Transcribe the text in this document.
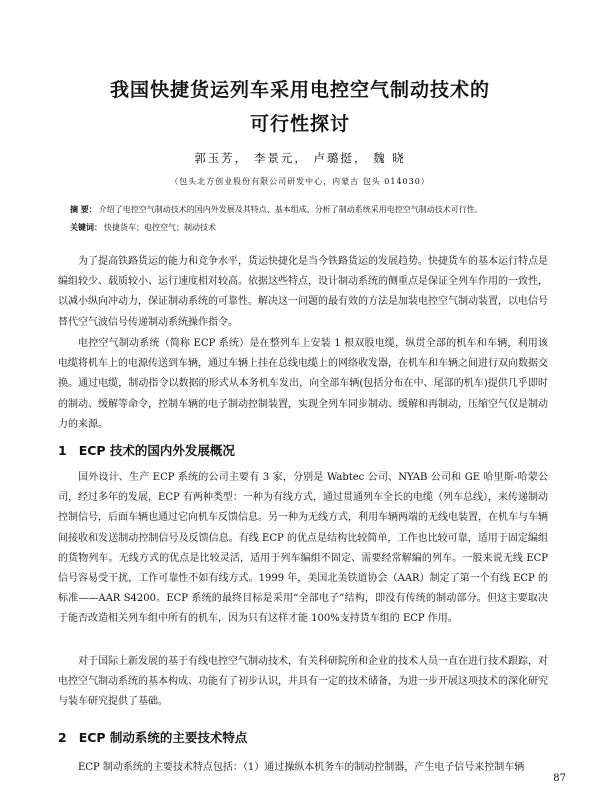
我国快捷货运列车采用电控空气制动技术的
可行性探讨
郭玉芳， 李景元， 卢璐挺， 魏 晓
（包头北方创业股份有限公司研发中心，内蒙古 包头 014030）
摘 要： 介绍了电控空气制动技术的国内外发展及其特点、基本组成，分析了制动系统采用电控空气制动技术可行性。
关键词： 快捷货车；电控空气；制动技术

为了提高铁路货运的能力和竞争水平，货运快捷化是当今铁路货运的发展趋势。快捷货车的基本运行特点是编组较少、载质较小、运行速度相对较高。依据这些特点，设计制动系统的侧重点是保证全列车作用的一致性，以减小纵向冲动力，保证制动系统的可靠性。解决这一问题的最有效的方法是加装电控空气制动装置，以电信号替代空气波信号传递制动系统操作指令。

电控空气制动系统（简称 ECP 系统）是在整列车上安装 1 根双股电缆，纵贯全部的机车和车辆，利用该电缆将机车上的电源传送到车辆，通过车辆上挂在总线电缆上的网络收发器，在机车和车辆之间进行双向数据交换。通过电缆，制动指令以数据的形式从本务机车发出，向全部车辆(包括分布在中、尾部的机车)提供几乎即时的制动、缓解等命令，控制车辆的电子制动控制装置，实现全列车同步制动、缓解和再制动，压缩空气仅是制动力的来源。

1 ECP 技术的国内外发展概况

国外设计、生产 ECP 系统的公司主要有 3 家，分别是 Wabtec 公司、NYAB 公司和 GE 哈里斯-哈蒙公司，经过多年的发展，ECP 有两种类型：一种为有线方式，通过贯通列车全长的电缆（列车总线），来传递制动控制信号，后面车辆也通过它向机车反馈信息。另一种为无线方式，利用车辆两端的无线电装置，在机车与车辆间接收和发送制动控制信号及反馈信息。有线 ECP 的优点是结构比较简单，工作也比较可靠，适用于固定编组的货物列车。无线方式的优点是比较灵活，适用于列车编组不固定、需要经常解编的列车。一般来说无线 ECP 信号容易受干扰，工作可靠性不如有线方式。1999 年，美国北美铁道协会（AAR）制定了第一个有线 ECP 的标准——AAR S4200。ECP 系统的最终目标是采用“全部电子”结构，即没有传统的制动部分。但这主要取决于能否改造相关列车组中所有的机车，因为只有这样才能 100%支持货车组的 ECP 作用。

对于国际上新发展的基于有线电控空气制动技术，有关科研院所和企业的技术人员一直在进行技术跟踪，对电控空气制动系统的基本构成、功能有了初步认识，并具有一定的技术储备，为进一步开展这项技术的深化研究与装车研究提供了基础。

2 ECP 制动系统的主要技术特点

ECP 制动系统的主要技术特点包括：（1）通过操纵本机务车的制动控制器，产生电子信号来控制车辆

87
